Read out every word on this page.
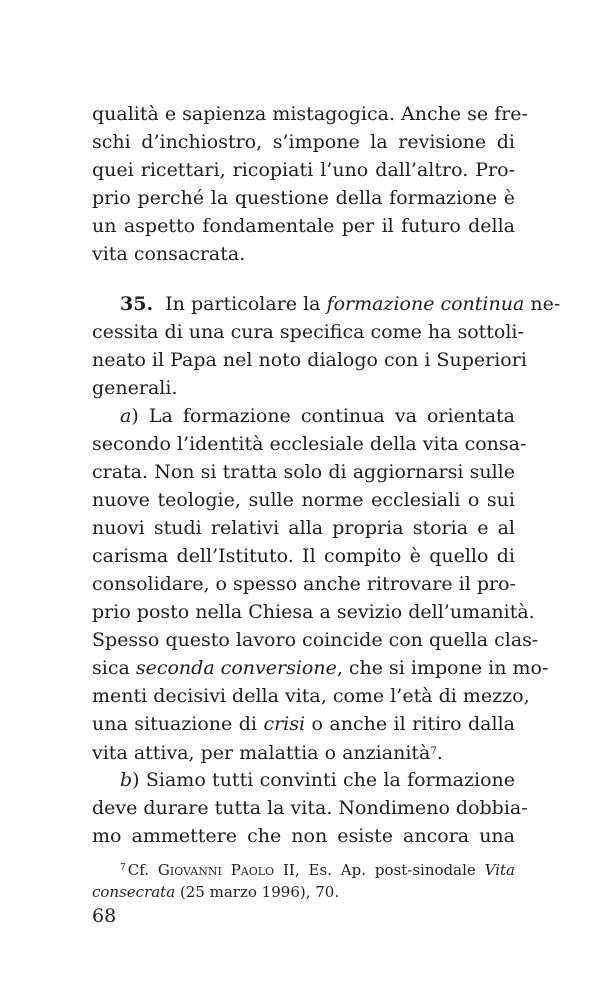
qualità e sapienza mistagogica. Anche se fre-
schi d’inchiostro, s’impone la revisione di
quei ricettari, ricopiati l’uno dall’altro. Pro-
prio perché la questione della formazione è
un aspetto fondamentale per il futuro della
vita consacrata.
35. In particolare la formazione continua ne-
cessita di una cura specifica come ha sottoli-
neato il Papa nel noto dialogo con i Superiori
generali.
a) La formazione continua va orientata
secondo l’identità ecclesiale della vita consa-
crata. Non si tratta solo di aggiornarsi sulle
nuove teologie, sulle norme ecclesiali o sui
nuovi studi relativi alla propria storia e al
carisma dell’Istituto. Il compito è quello di
consolidare, o spesso anche ritrovare il pro-
prio posto nella Chiesa a sevizio dell’umanità.
Spesso questo lavoro coincide con quella clas-
sica seconda conversione, che si impone in mo-
menti decisivi della vita, come l’età di mezzo,
una situazione di crisi o anche il ritiro dalla
vita attiva, per malattia o anzianità$^7$.
b) Siamo tutti convinti che la formazione
deve durare tutta la vita. Nondimeno dobbia-
mo ammettere che non esiste ancora una
$^7$ Cf. Giovanni Paolo II, Es. Ap. post-sinodale Vita
consecrata (25 marzo 1996), 70.
68
